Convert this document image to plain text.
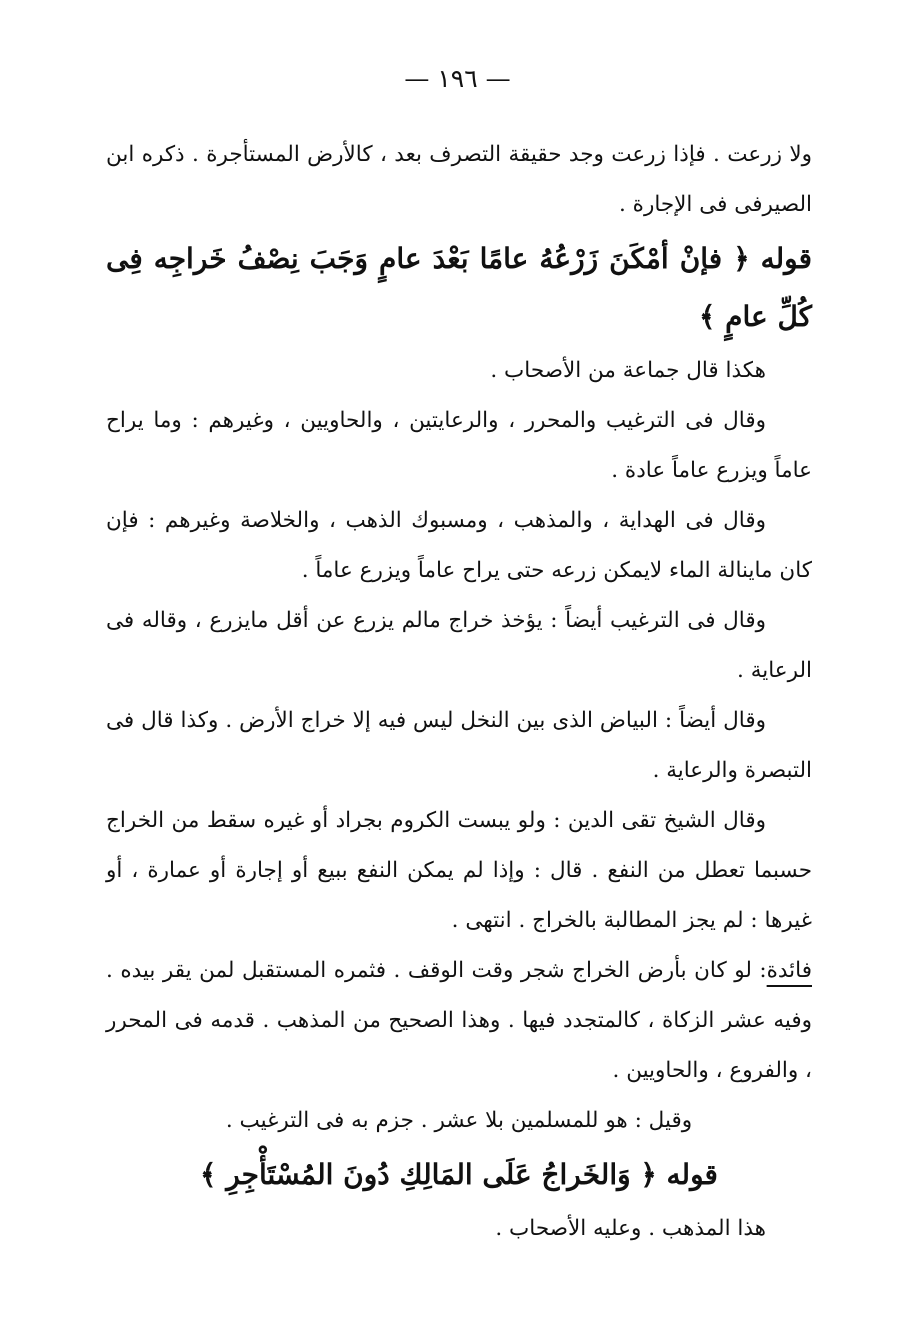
— ١٩٦ —

ولا زرعت . فإذا زرعت وجد حقيقة التصرف بعد ، كالأرض المستأجرة . ذكره ابن الصيرفى فى الإجارة .

قوله ﴿ فإنْ أمْكَنَ زَرْعُهُ عامًا بَعْدَ عامٍ وَجَبَ نِصْفُ خَراجِه فِى كُلِّ عامٍ ﴾

هكذا قال جماعة من الأصحاب .

وقال فى الترغيب والمحرر ، والرعايتين ، والحاويين ، وغيرهم : وما يراح عاماً ويزرع عاماً عادة .

وقال فى الهداية ، والمذهب ، ومسبوك الذهب ، والخلاصة وغيرهم : فإن كان ماينالة الماء لايمكن زرعه حتى يراح عاماً ويزرع عاماً .

وقال فى الترغيب أيضاً : يؤخذ خراج مالم يزرع عن أقل مايزرع ، وقاله فى الرعاية .

وقال أيضاً : البياض الذى بين النخل ليس فيه إلا خراج الأرض . وكذا قال فى التبصرة والرعاية .

وقال الشيخ تقى الدين : ولو يبست الكروم بجراد أو غيره سقط من الخراج حسبما تعطل من النفع . قال : وإذا لم يمكن النفع ببيع أو إجارة أو عمارة ، أو غيرها : لم يجز المطالبة بالخراج . انتهى .

فائدة: لو كان بأرض الخراج شجر وقت الوقف . فثمره المستقبل لمن يقر بيده . وفيه عشر الزكاة ، كالمتجدد فيها . وهذا الصحيح من المذهب . قدمه فى المحرر ، والفروع ، والحاويين .

وقيل : هو للمسلمين بلا عشر . جزم به فى الترغيب .

قوله ﴿ وَالخَراجُ عَلَى المَالِكِ دُونَ المُسْتَأْجِرِ ﴾

هذا المذهب . وعليه الأصحاب .
